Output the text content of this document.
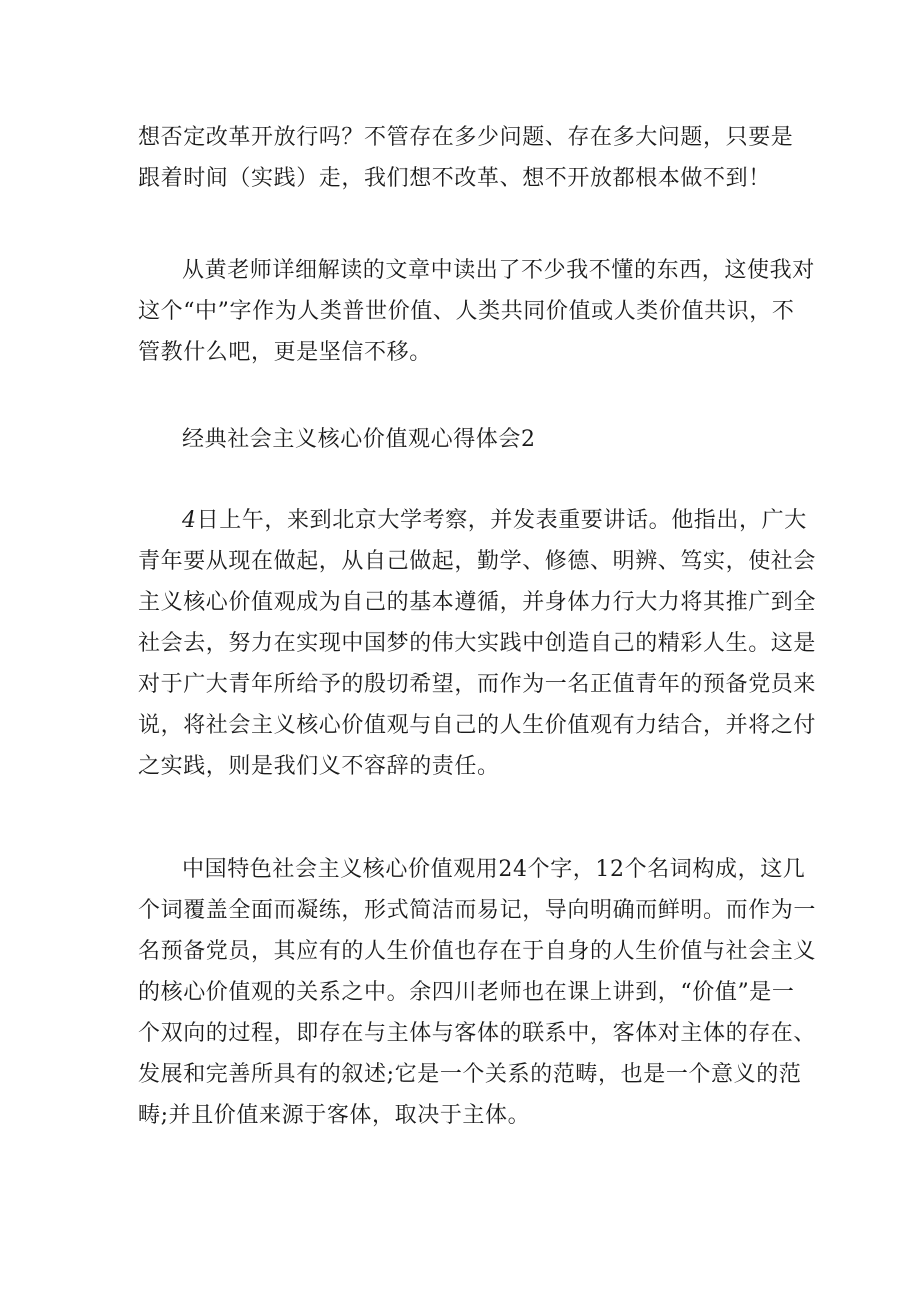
想否定改革开放行吗？不管存在多少问题、存在多大问题，只要是
跟着时间（实践）走，我们想不改革、想不开放都根本做不到！

从黄老师详细解读的文章中读出了不少我不懂的东西，这使我对
这个“中”字作为人类普世价值、人类共同价值或人类价值共识，不
管教什么吧，更是坚信不移。

经典社会主义核心价值观心得体会2

4日上午，来到北京大学考察，并发表重要讲话。他指出，广大
青年要从现在做起，从自己做起，勤学、修德、明辨、笃实，使社会
主义核心价值观成为自己的基本遵循，并身体力行大力将其推广到全
社会去，努力在实现中国梦的伟大实践中创造自己的精彩人生。这是
对于广大青年所给予的殷切希望，而作为一名正值青年的预备党员来
说，将社会主义核心价值观与自己的人生价值观有力结合，并将之付
之实践，则是我们义不容辞的责任。

中国特色社会主义核心价值观用24个字，12个名词构成，这几
个词覆盖全面而凝练，形式简洁而易记，导向明确而鲜明。而作为一
名预备党员，其应有的人生价值也存在于自身的人生价值与社会主义
的核心价值观的关系之中。余四川老师也在课上讲到，“价值”是一
个双向的过程，即存在与主体与客体的联系中，客体对主体的存在、
发展和完善所具有的叙述;它是一个关系的范畴，也是一个意义的范
畴;并且价值来源于客体，取决于主体。
